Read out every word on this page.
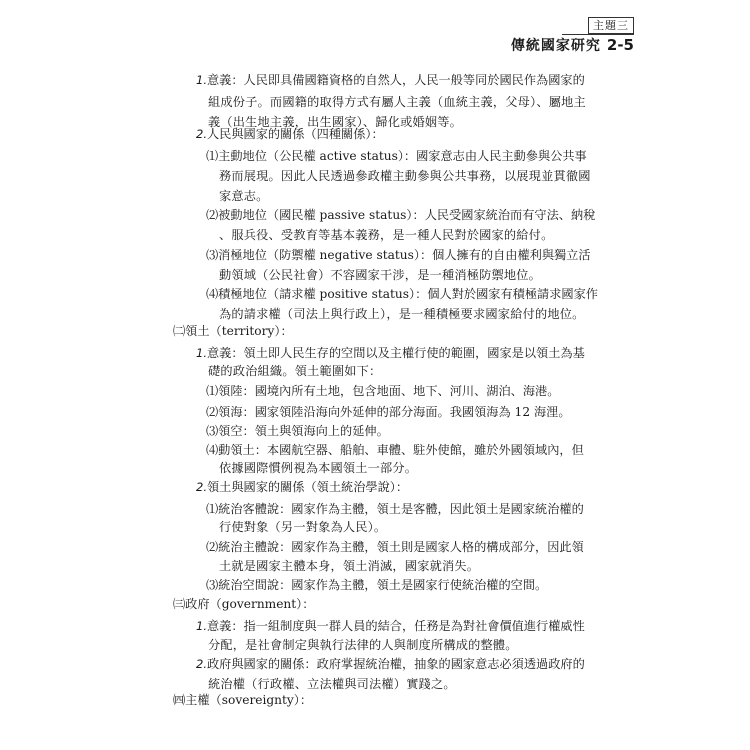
主題三
傳統國家研究 2-5
1.意義：人民即具備國籍資格的自然人，人民一般等同於國民作為國家的
組成份子。而國籍的取得方式有屬人主義（血統主義，父母）、屬地主
義（出生地主義，出生國家）、歸化或婚姻等。
2.人民與國家的關係（四種關係）：
⑴主動地位（公民權 active status）：國家意志由人民主動參與公共事
務而展現。因此人民透過參政權主動參與公共事務，以展現並貫徹國
家意志。
⑵被動地位（國民權 passive status）：人民受國家統治而有守法、納稅
、服兵役、受教育等基本義務，是一種人民對於國家的給付。
⑶消極地位（防禦權 negative status）：個人擁有的自由權利與獨立活
動領域（公民社會）不容國家干涉，是一種消極防禦地位。
⑷積極地位（請求權 positive status）：個人對於國家有積極請求國家作
為的請求權（司法上與行政上），是一種積極要求國家給付的地位。
㈡領土（territory）：
1.意義：領土即人民生存的空間以及主權行使的範圍，國家是以領土為基
礎的政治組織。領土範圍如下：
⑴領陸：國境內所有土地，包含地面、地下、河川、湖泊、海港。
⑵領海：國家領陸沿海向外延伸的部分海面。我國領海為 12 海浬。
⑶領空：領土與領海向上的延伸。
⑷動領土：本國航空器、船舶、車體、駐外使館，雖於外國領域內，但
依據國際慣例視為本國領土一部分。
2.領土與國家的關係（領土統治學說）：
⑴統治客體說：國家作為主體，領土是客體，因此領土是國家統治權的
行使對象（另一對象為人民）。
⑵統治主體說：國家作為主體，領土則是國家人格的構成部分，因此領
土就是國家主體本身，領土消滅，國家就消失。
⑶統治空間說：國家作為主體，領土是國家行使統治權的空間。
㈢政府（government）：
1.意義：指一組制度與一群人員的結合，任務是為對社會價值進行權威性
分配，是社會制定與執行法律的人與制度所構成的整體。
2.政府與國家的關係：政府掌握統治權，抽象的國家意志必須透過政府的
統治權（行政權、立法權與司法權）實踐之。
㈣主權（sovereignty）：
